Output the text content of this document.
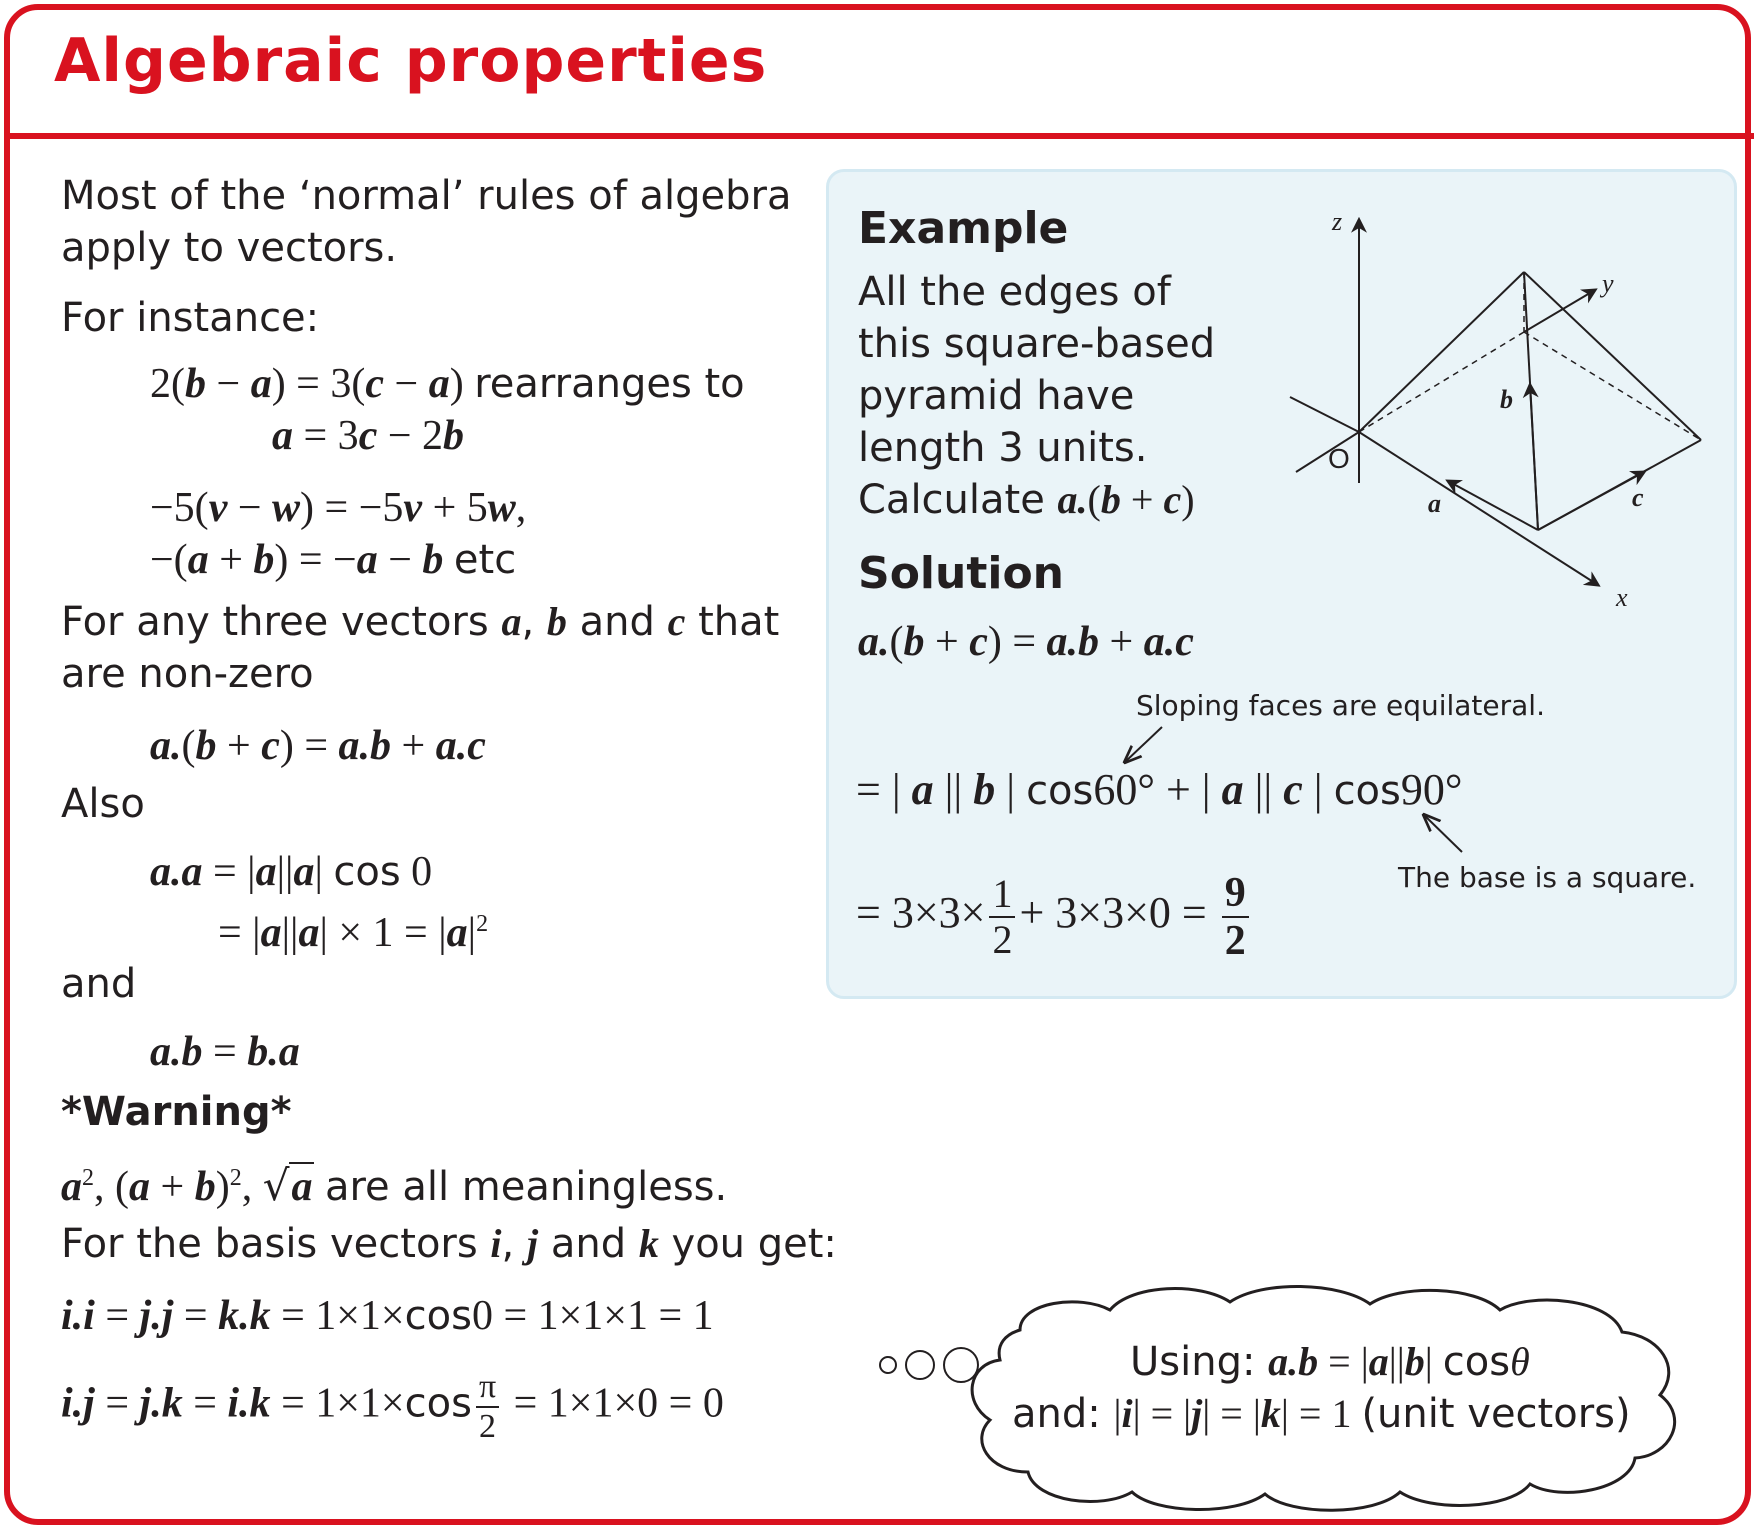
Algebraic properties
Most of the ‘normal’ rules of algebra
apply to vectors.
For instance:
2(b − a) = 3(c − a) rearranges to
a = 3c − 2b
−5(v − w) = −5v + 5w,
−(a + b) = −a − b etc
For any three vectors a, b and c that
are non-zero
a.(b + c) = a.b + a.c
Also
a.a = |a||a| cos 0
= $|a||a| \times 1 = |a|^2$
and
a.b = b.a
*Warning*
$a^2$, $(a + b)^2$, √a are all meaningless.
For the basis vectors i, j and k you get:
i.i = j.j = k.k = 1×1×cos0 = 1×1×1 = 1
$i.j = j.k = i.k = 1\times 1\times\cos \frac{\pi}{2} = 1\times 1\times 0 = 0$
Example
All the edges of
this square-based
pyramid have
length 3 units.
Calculate a.(b + c)
Solution
a.(b + c) = a.b + a.c
Sloping faces are equilateral.
= | a || b | cos60° + | a || c | cos90°
The base is a square.
= $3\times 3\times \frac{1}{2} + 3\times 3\times 0 = \frac{9}{2}$
z
y
x
O
a
b
c
Using: a.b = |a||b| cosθ
and: |i| = |j| = |k| = 1 (unit vectors)
